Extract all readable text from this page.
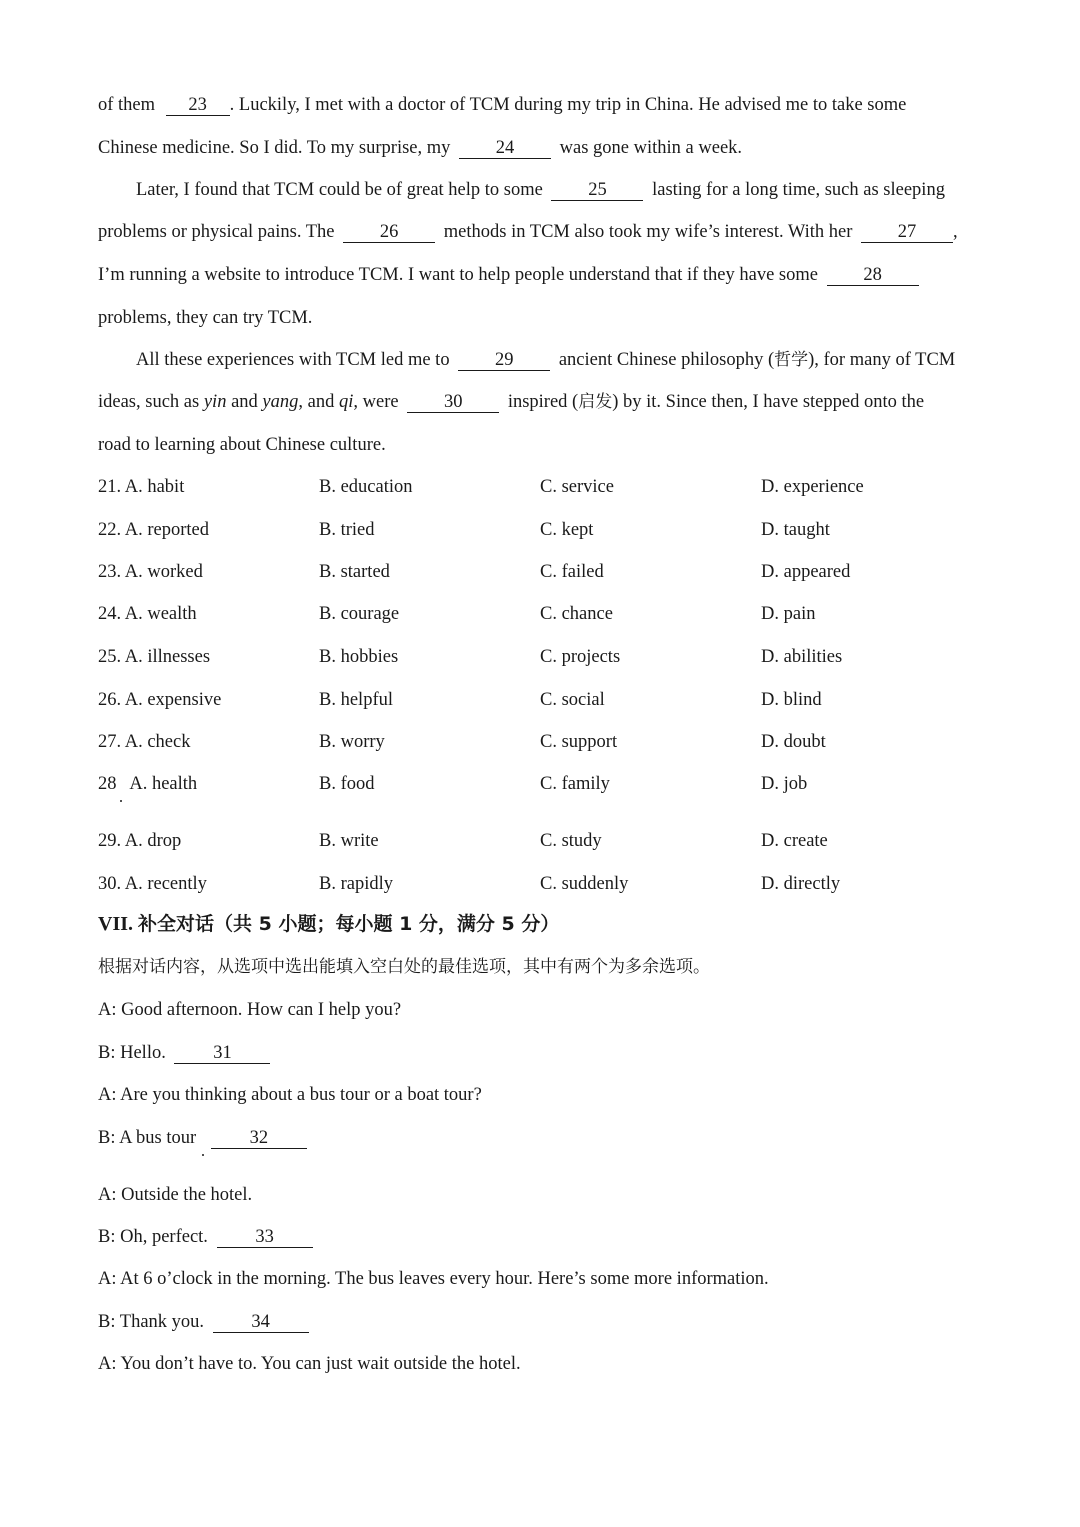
of them 23 . Luckily, I met with a doctor of TCM during my trip in China. He advised me to take some
Chinese medicine. So I did. To my surprise, my 24 was gone within a week.
Later, I found that TCM could be of great help to some 25 lasting for a long time, such as sleeping
problems or physical pains. The 26 methods in TCM also took my wife’s interest. With her 27 ,
I’m running a website to introduce TCM. I want to help people understand that if they have some 28
problems, they can try TCM.
All these experiences with TCM led me to 29 ancient Chinese philosophy (哲学), for many of TCM
ideas, such as yin and yang, and qi, were 30 inspired (启发) by it. Since then, I have stepped onto the
road to learning about Chinese culture.
21. A. habit	B. education	C. service	D. experience
22. A. reported	B. tried	C. kept	D. taught
23. A. worked	B. started	C. failed	D. appeared
24. A. wealth	B. courage	C. chance	D. pain
25. A. illnesses	B. hobbies	C. projects	D. abilities
26. A. expensive	B. helpful	C. social	D. blind
27. A. check	B. worry	C. support	D. doubt
28   A. health	B. food	C. family	D. job
29. A. drop	B. write	C. study	D. create
30. A. recently	B. rapidly	C. suddenly	D. directly
VII. 补全对话（共 5 小题；每小题 1 分，满分 5 分）
根据对话内容，从选项中选出能填入空白处的最佳选项，其中有两个为多余选项。
A: Good afternoon. How can I help you?
B: Hello.	31
A: Are you thinking about a bus tour or a boat tour?
B: A bus tour	32
A: Outside the hotel.
B: Oh, perfect.	33
A: At 6 o’clock in the morning. The bus leaves every hour. Here’s some more information.
B: Thank you.	34
A: You don’t have to. You can just wait outside the hotel.
